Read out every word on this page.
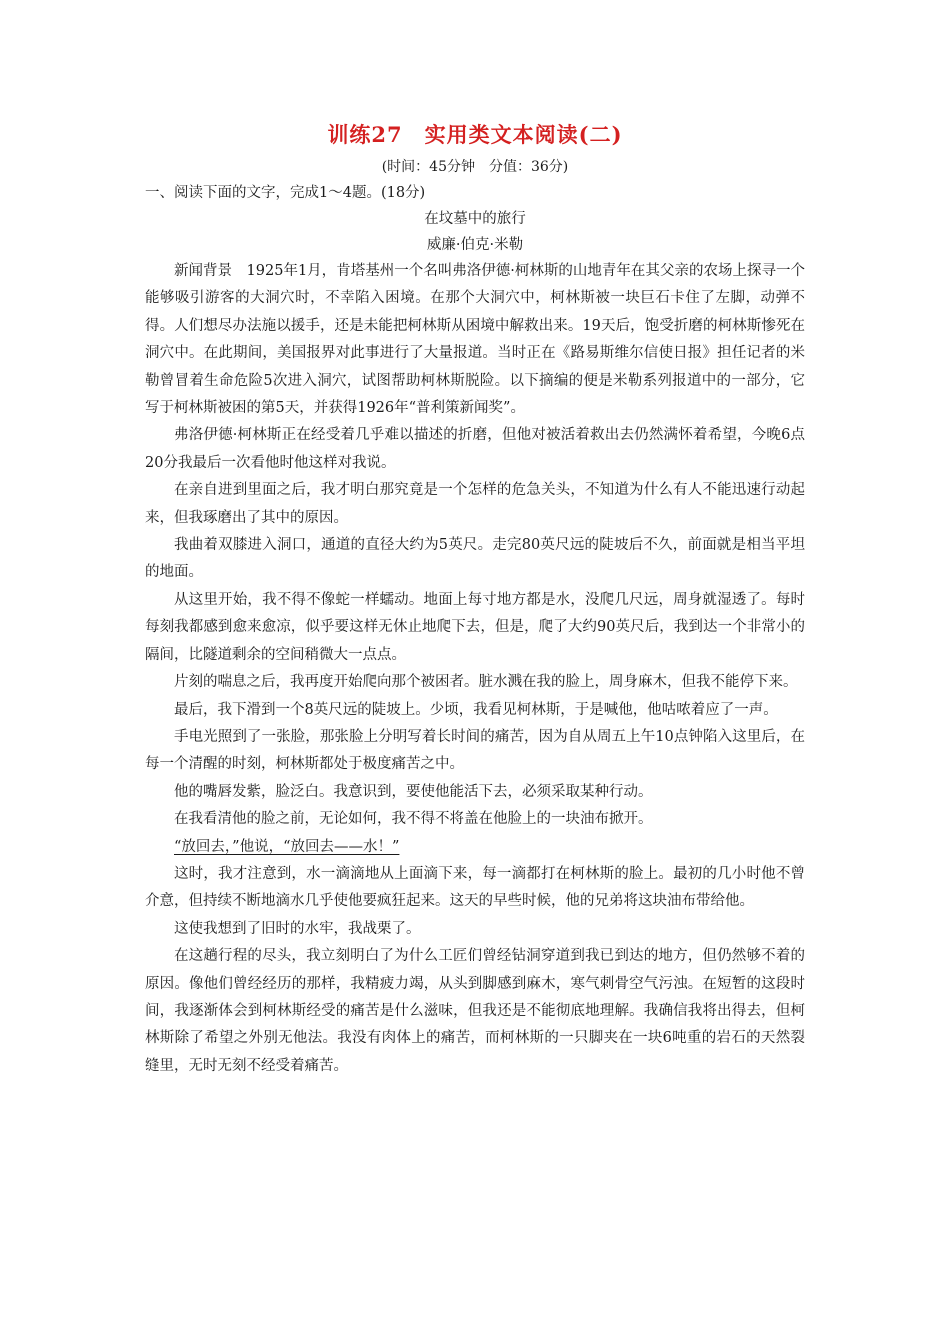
训练27　实用类文本阅读(二)
(时间：45分钟　分值：36分)
一、阅读下面的文字，完成1～4题。(18分)
在坟墓中的旅行
威廉·伯克·米勒

新闻背景　1925年1月，肯塔基州一个名叫弗洛伊德·柯林斯的山地青年在其父亲的农场上探寻一个能够吸引游客的大洞穴时，不幸陷入困境。在那个大洞穴中，柯林斯被一块巨石卡住了左脚，动弹不得。人们想尽办法施以援手，还是未能把柯林斯从困境中解救出来。19天后，饱受折磨的柯林斯惨死在洞穴中。在此期间，美国报界对此事进行了大量报道。当时正在《路易斯维尔信使日报》担任记者的米勒曾冒着生命危险5次进入洞穴，试图帮助柯林斯脱险。以下摘编的便是米勒系列报道中的一部分，它写于柯林斯被困的第5天，并获得1926年“普利策新闻奖”。

弗洛伊德·柯林斯正在经受着几乎难以描述的折磨，但他对被活着救出去仍然满怀着希望，今晚6点20分我最后一次看他时他这样对我说。

在亲自进到里面之后，我才明白那究竟是一个怎样的危急关头，不知道为什么有人不能迅速行动起来，但我琢磨出了其中的原因。

我曲着双膝进入洞口，通道的直径大约为5英尺。走完80英尺远的陡坡后不久，前面就是相当平坦的地面。

从这里开始，我不得不像蛇一样蠕动。地面上每寸地方都是水，没爬几尺远，周身就湿透了。每时每刻我都感到愈来愈凉，似乎要这样无休止地爬下去，但是，爬了大约90英尺后，我到达一个非常小的隔间，比隧道剩余的空间稍微大一点点。

片刻的喘息之后，我再度开始爬向那个被困者。脏水溅在我的脸上，周身麻木，但我不能停下来。

最后，我下滑到一个8英尺远的陡坡上。少顷，我看见柯林斯，于是喊他，他咕哝着应了一声。

手电光照到了一张脸，那张脸上分明写着长时间的痛苦，因为自从周五上午10点钟陷入这里后，在每一个清醒的时刻，柯林斯都处于极度痛苦之中。

他的嘴唇发紫，脸泛白。我意识到，要使他能活下去，必须采取某种行动。

在我看清他的脸之前，无论如何，我不得不将盖在他脸上的一块油布掀开。

“放回去，”他说，“放回去——水！”

这时，我才注意到，水一滴滴地从上面滴下来，每一滴都打在柯林斯的脸上。最初的几小时他不曾介意，但持续不断地滴水几乎使他要疯狂起来。这天的早些时候，他的兄弟将这块油布带给他。

这使我想到了旧时的水牢，我战栗了。

在这趟行程的尽头，我立刻明白了为什么工匠们曾经钻洞穿道到我已到达的地方，但仍然够不着的原因。像他们曾经经历的那样，我精疲力竭，从头到脚感到麻木，寒气刺骨空气污浊。在短暂的这段时间，我逐渐体会到柯林斯经受的痛苦是什么滋味，但我还是不能彻底地理解。我确信我将出得去，但柯林斯除了希望之外别无他法。我没有肉体上的痛苦，而柯林斯的一只脚夹在一块6吨重的岩石的天然裂缝里，无时无刻不经受着痛苦。
